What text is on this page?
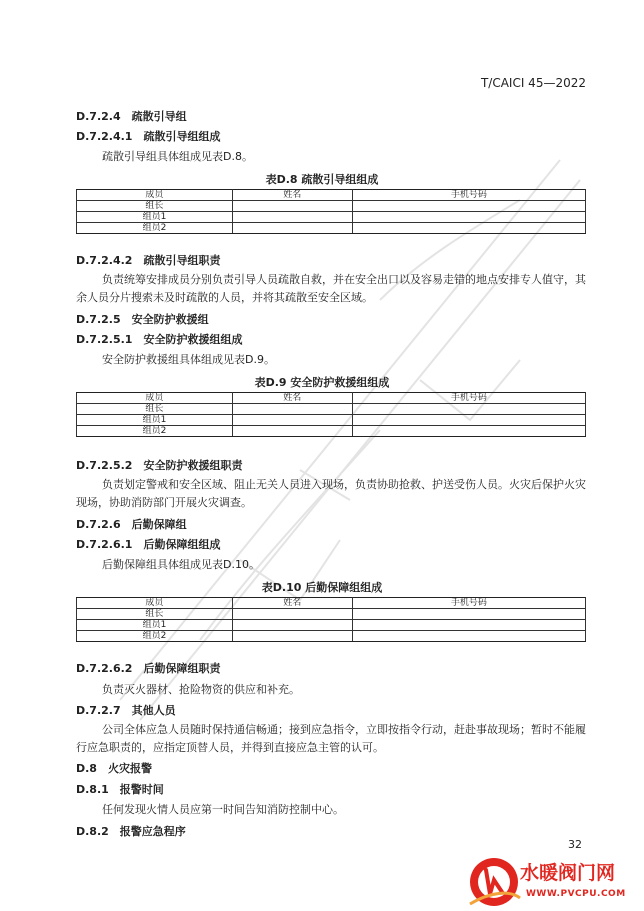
T/CAICI 45—2022
D.7.2.4　疏散引导组
D.7.2.4.1　疏散引导组组成
疏散引导组具体组成见表D.8。
表D.8 疏散引导组组成
成员	姓名	手机号码
组长		
组员1		
组员2		
D.7.2.4.2　疏散引导组职责
负责统筹安排成员分别负责引导人员疏散自救，并在安全出口以及容易走错的地点安排专人值守，其余人员分片搜索未及时疏散的人员，并将其疏散至安全区域。
D.7.2.5　安全防护救援组
D.7.2.5.1　安全防护救援组组成
安全防护救援组具体组成见表D.9。
表D.9 安全防护救援组组成
成员	姓名	手机号码
组长		
组员1		
组员2		
D.7.2.5.2　安全防护救援组职责
负责划定警戒和安全区域、阻止无关人员进入现场，负责协助抢救、护送受伤人员。火灾后保护火灾现场，协助消防部门开展火灾调查。
D.7.2.6　后勤保障组
D.7.2.6.1　后勤保障组组成
后勤保障组具体组成见表D.10。
表D.10 后勤保障组组成
成员	姓名	手机号码
组长		
组员1		
组员2		
D.7.2.6.2　后勤保障组职责
负责灭火器材、抢险物资的供应和补充。
D.7.2.7　其他人员
公司全体应急人员随时保持通信畅通；接到应急指令，立即按指令行动，赶赴事故现场；暂时不能履行应急职责的，应指定顶替人员，并得到直接应急主管的认可。
D.8　火灾报警
D.8.1　报警时间
任何发现火情人员应第一时间告知消防控制中心。
D.8.2　报警应急程序
32
水暖阀门网
WWW.PVCPU.COM
